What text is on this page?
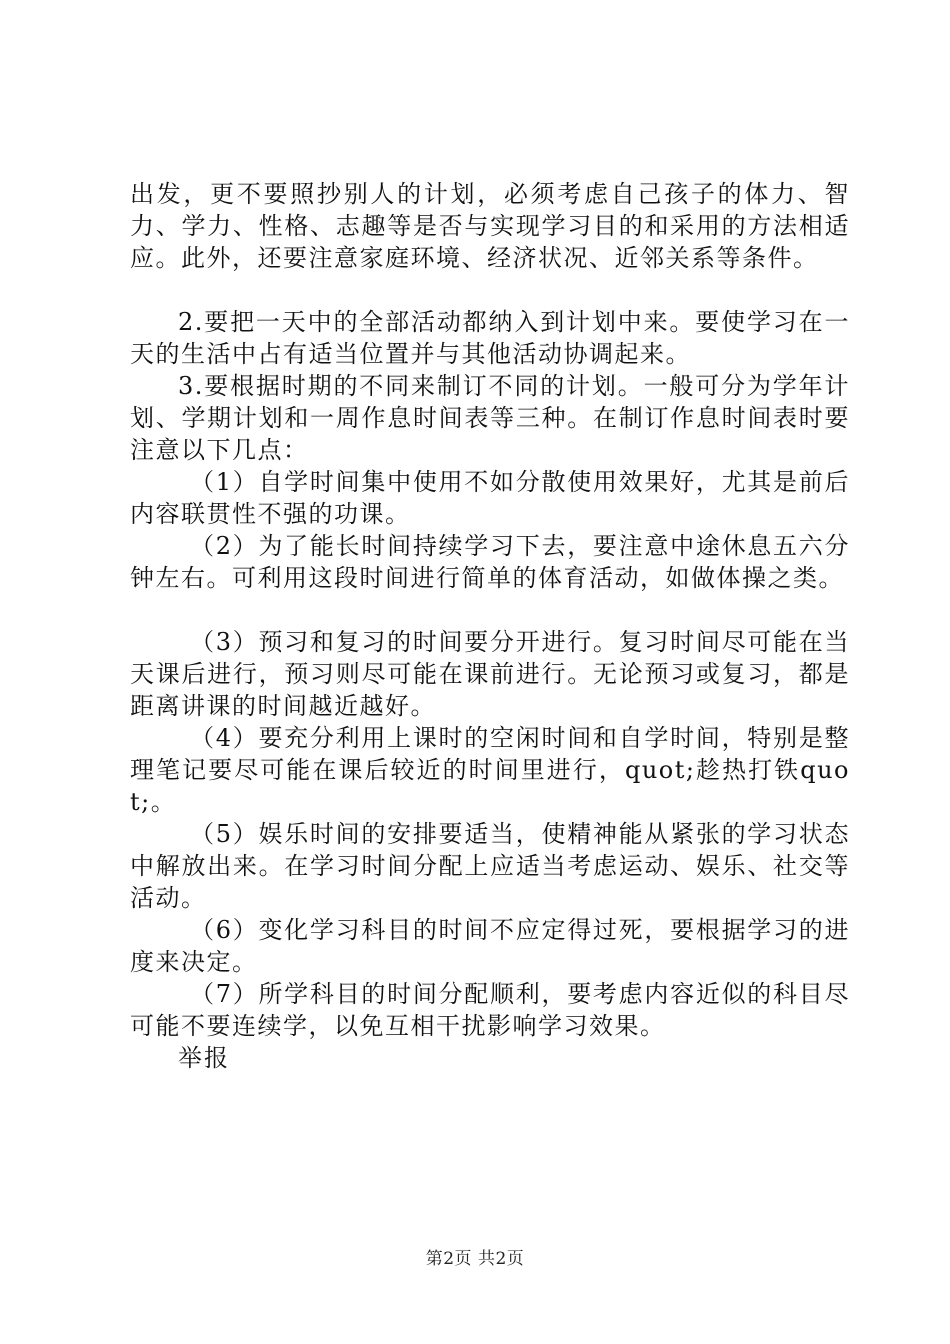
出发，更不要照抄别人的计划，必须考虑自己孩子的体力、智力、学力、性格、志趣等是否与实现学习目的和采用的方法相适应。此外，还要注意家庭环境、经济状况、近邻关系等条件。

2.要把一天中的全部活动都纳入到计划中来。要使学习在一天的生活中占有适当位置并与其他活动协调起来。

3.要根据时期的不同来制订不同的计划。一般可分为学年计划、学期计划和一周作息时间表等三种。在制订作息时间表时要注意以下几点：

（1）自学时间集中使用不如分散使用效果好，尤其是前后内容联贯性不强的功课。

（2）为了能长时间持续学习下去，要注意中途休息五六分钟左右。可利用这段时间进行简单的体育活动，如做体操之类。

（3）预习和复习的时间要分开进行。复习时间尽可能在当天课后进行，预习则尽可能在课前进行。无论预习或复习，都是距离讲课的时间越近越好。

（4）要充分利用上课时的空闲时间和自学时间，特别是整理笔记要尽可能在课后较近的时间里进行，quot;趁热打铁quot;。

（5）娱乐时间的安排要适当，使精神能从紧张的学习状态中解放出来。在学习时间分配上应适当考虑运动、娱乐、社交等活动。

（6）变化学习科目的时间不应定得过死，要根据学习的进度来决定。

（7）所学科目的时间分配顺利，要考虑内容近似的科目尽可能不要连续学，以免互相干扰影响学习效果。

举报

第2页 共2页
